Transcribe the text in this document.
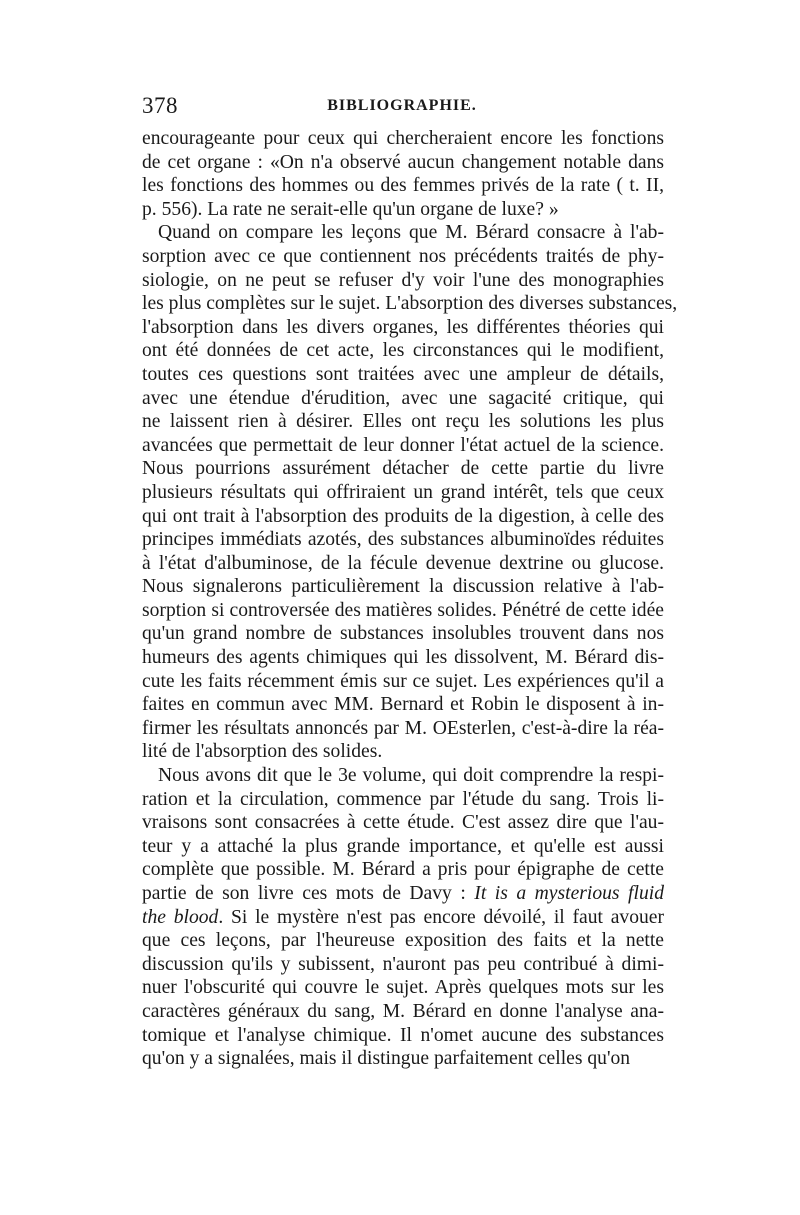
378	BIBLIOGRAPHIE.
encourageante pour ceux qui chercheraient encore les fonctions
de cet organe : «On n'a observé aucun changement notable dans
les fonctions des hommes ou des femmes privés de la rate ( t. II,
p. 556). La rate ne serait-elle qu'un organe de luxe? »
Quand on compare les leçons que M. Bérard consacre à l'ab-
sorption avec ce que contiennent nos précédents traités de phy-
siologie, on ne peut se refuser d'y voir l'une des monographies
les plus complètes sur le sujet. L'absorption des diverses substances,
l'absorption dans les divers organes, les différentes théories qui
ont été données de cet acte, les circonstances qui le modifient,
toutes ces questions sont traitées avec une ampleur de détails,
avec une étendue d'érudition, avec une sagacité critique, qui
ne laissent rien à désirer. Elles ont reçu les solutions les plus
avancées que permettait de leur donner l'état actuel de la science.
Nous pourrions assurément détacher de cette partie du livre
plusieurs résultats qui offriraient un grand intérêt, tels que ceux
qui ont trait à l'absorption des produits de la digestion, à celle des
principes immédiats azotés, des substances albuminoïdes réduites
à l'état d'albuminose, de la fécule devenue dextrine ou glucose.
Nous signalerons particulièrement la discussion relative à l'ab-
sorption si controversée des matières solides. Pénétré de cette idée
qu'un grand nombre de substances insolubles trouvent dans nos
humeurs des agents chimiques qui les dissolvent, M. Bérard dis-
cute les faits récemment émis sur ce sujet. Les expériences qu'il a
faites en commun avec MM. Bernard et Robin le disposent à in-
firmer les résultats annoncés par M. OEsterlen, c'est-à-dire la réa-
lité de l'absorption des solides.
Nous avons dit que le 3e volume, qui doit comprendre la respi-
ration et la circulation, commence par l'étude du sang. Trois li-
vraisons sont consacrées à cette étude. C'est assez dire que l'au-
teur y a attaché la plus grande importance, et qu'elle est aussi
complète que possible. M. Bérard a pris pour épigraphe de cette
partie de son livre ces mots de Davy : It is a mysterious fluid
the blood. Si le mystère n'est pas encore dévoilé, il faut avouer
que ces leçons, par l'heureuse exposition des faits et la nette
discussion qu'ils y subissent, n'auront pas peu contribué à dimi-
nuer l'obscurité qui couvre le sujet. Après quelques mots sur les
caractères généraux du sang, M. Bérard en donne l'analyse ana-
tomique et l'analyse chimique. Il n'omet aucune des substances
qu'on y a signalées, mais il distingue parfaitement celles qu'on
